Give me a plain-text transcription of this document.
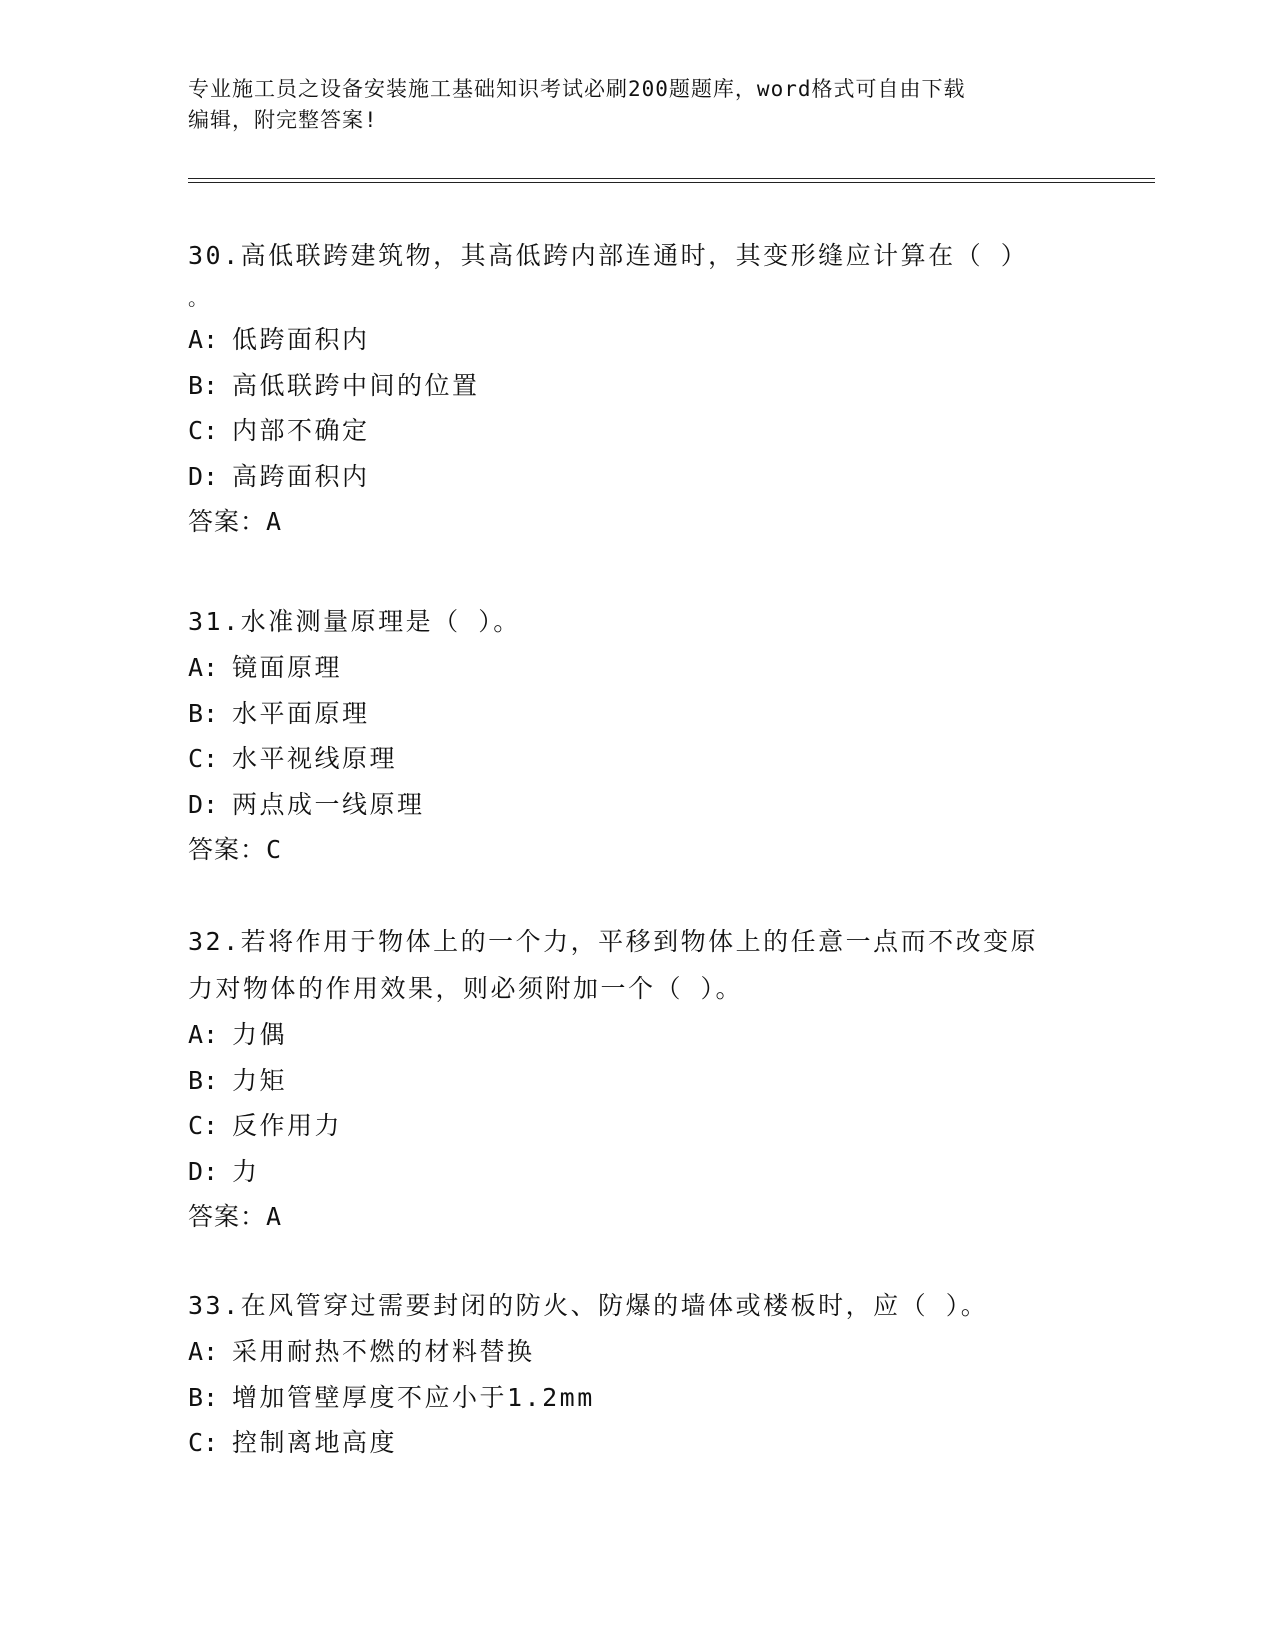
专业施工员之设备安装施工基础知识考试必刷200题题库，word格式可自由下载
编辑，附完整答案!

30.高低联跨建筑物，其高低跨内部连通时，其变形缝应计算在（ ）

。

A: 低跨面积内

B: 高低联跨中间的位置

C: 内部不确定

D: 高跨面积内

答案：A

31.水准测量原理是（ ）。

A: 镜面原理

B: 水平面原理

C: 水平视线原理

D: 两点成一线原理

答案：C

32.若将作用于物体上的一个力，平移到物体上的任意一点而不改变原

力对物体的作用效果，则必须附加一个（ ）。

A: 力偶

B: 力矩

C: 反作用力

D: 力

答案：A

33.在风管穿过需要封闭的防火、防爆的墙体或楼板时，应（ ）。

A: 采用耐热不燃的材料替换

B: 增加管壁厚度不应小于1.2mm

C: 控制离地高度
